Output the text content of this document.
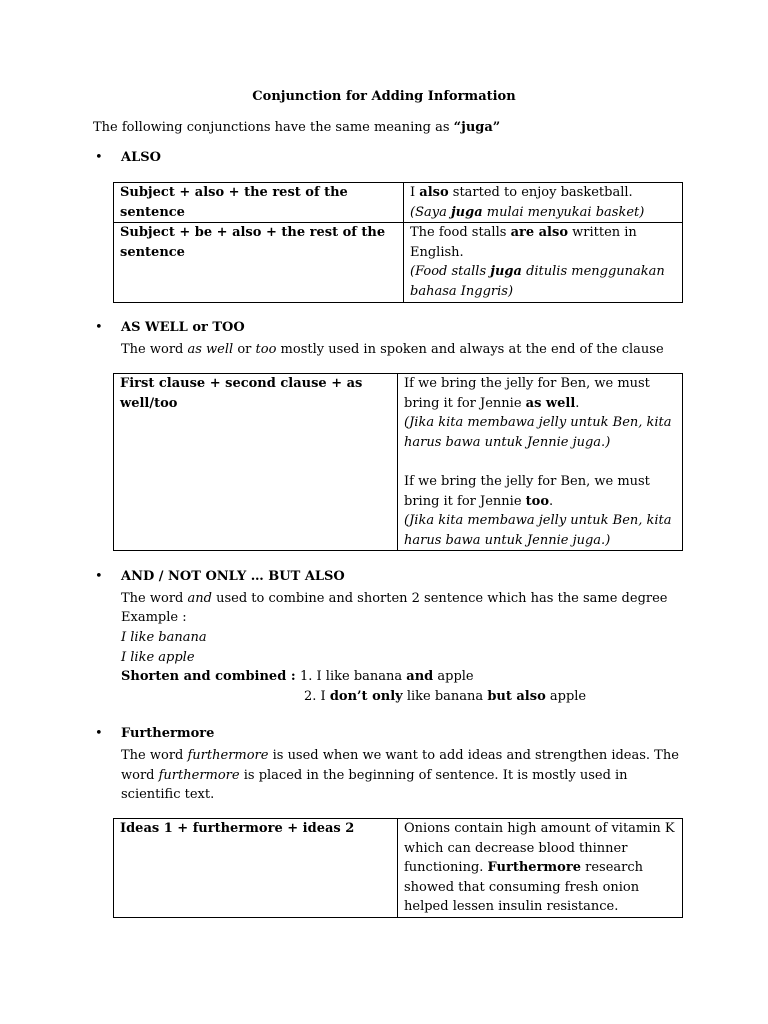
Conjunction for Adding Information
The following conjunctions have the same meaning as “juga”
• ALSO
Subject + also + the rest of the sentence	I also started to enjoy basketball.
(Saya juga mulai menyukai basket)

Subject + be + also + the rest of the sentence	The food stalls are also written in English.
(Food stalls juga ditulis menggunakan bahasa Inggris)
• AS WELL or TOO
The word as well or too mostly used in spoken and always at the end of the clause
First clause + second clause + as well/too	
If we bring the jelly for Ben, we must bring it for Jennie as well.
(Jika kita membawa jelly untuk Ben, kita harus bawa untuk Jennie juga.)
If we bring the jelly for Ben, we must bring it for Jennie too.
(Jika kita membawa jelly untuk Ben, kita harus bawa untuk Jennie juga.)
• AND / NOT ONLY … BUT ALSO
The word and used to combine and shorten 2 sentence which has the same degree
Example :
I like banana
I like apple
Shorten and combined : 1. I like banana and apple
2. I don’t only like banana but also apple
• Furthermore
The word furthermore is used when we want to add ideas and strengthen ideas. The word furthermore is placed in the beginning of sentence. It is mostly used in scientific text.
Ideas 1 + furthermore + ideas 2	Onions contain high amount of vitamin K which can decrease blood thinner functioning. Furthermore research showed that consuming fresh onion helped lessen insulin resistance.
